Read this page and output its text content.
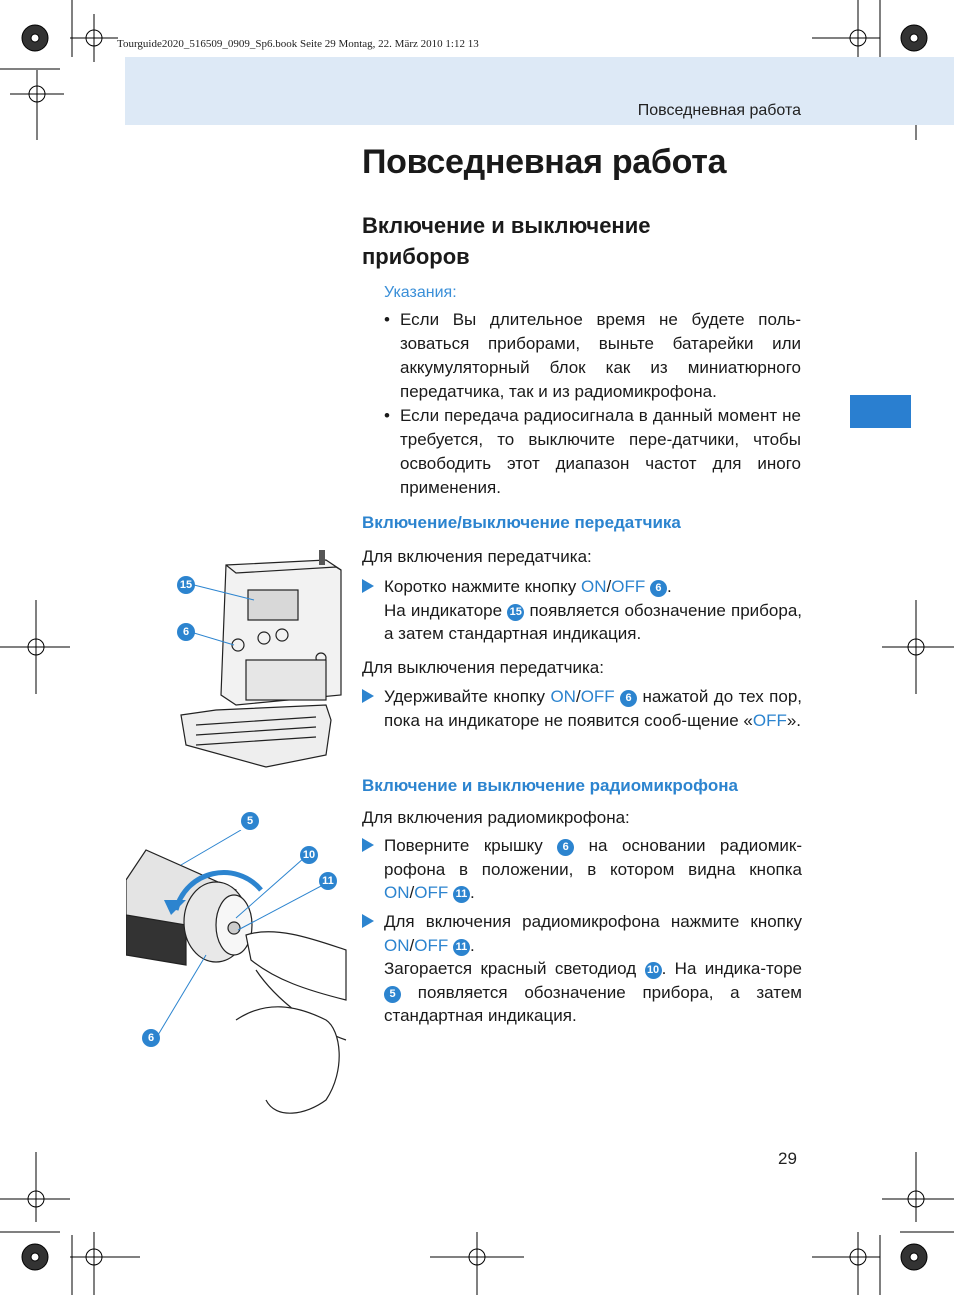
Tourguide2020_516509_0909_Sp6.book Seite 29 Montag, 22. März 2010 1:12 13
Повседневная работа
Повседневная работа
Включение и выключение приборов
Указания:
• Если Вы длительное время не будете поль-зоваться приборами, выньте батарейки или аккумуляторный блок как из миниатюрного передатчика, так и из радиомикрофона.
• Если передача радиосигнала в данный момент не требуется, то выключите пере-датчики, чтобы освободить этот диапазон частот для иного применения.
Включение/выключение передатчика

Для включения передатчика:

Коротко нажмите кнопку ON/OFF 6 .
На индикаторе 15 появляется обозначение прибора, а затем стандартная индикация.

Для выключения передатчика:

Удерживайте кнопку ON/OFF 6 нажатой до тех пор, пока на индикаторе не появится сооб-щение «OFF».
Включение и выключение радиомикрофона

Для включения радиомикрофона:

Поверните крышку 6 на основании радиомик-рофона в положении, в котором видна кнопка ON/OFF 11 .
Для включения радиомикрофона нажмите кнопку ON/OFF 11 .
Загорается красный светодиод 10 . На индика-торе 5 появляется обозначение прибора, а затем стандартная индикация.
15
6
5
10
11
6
29
